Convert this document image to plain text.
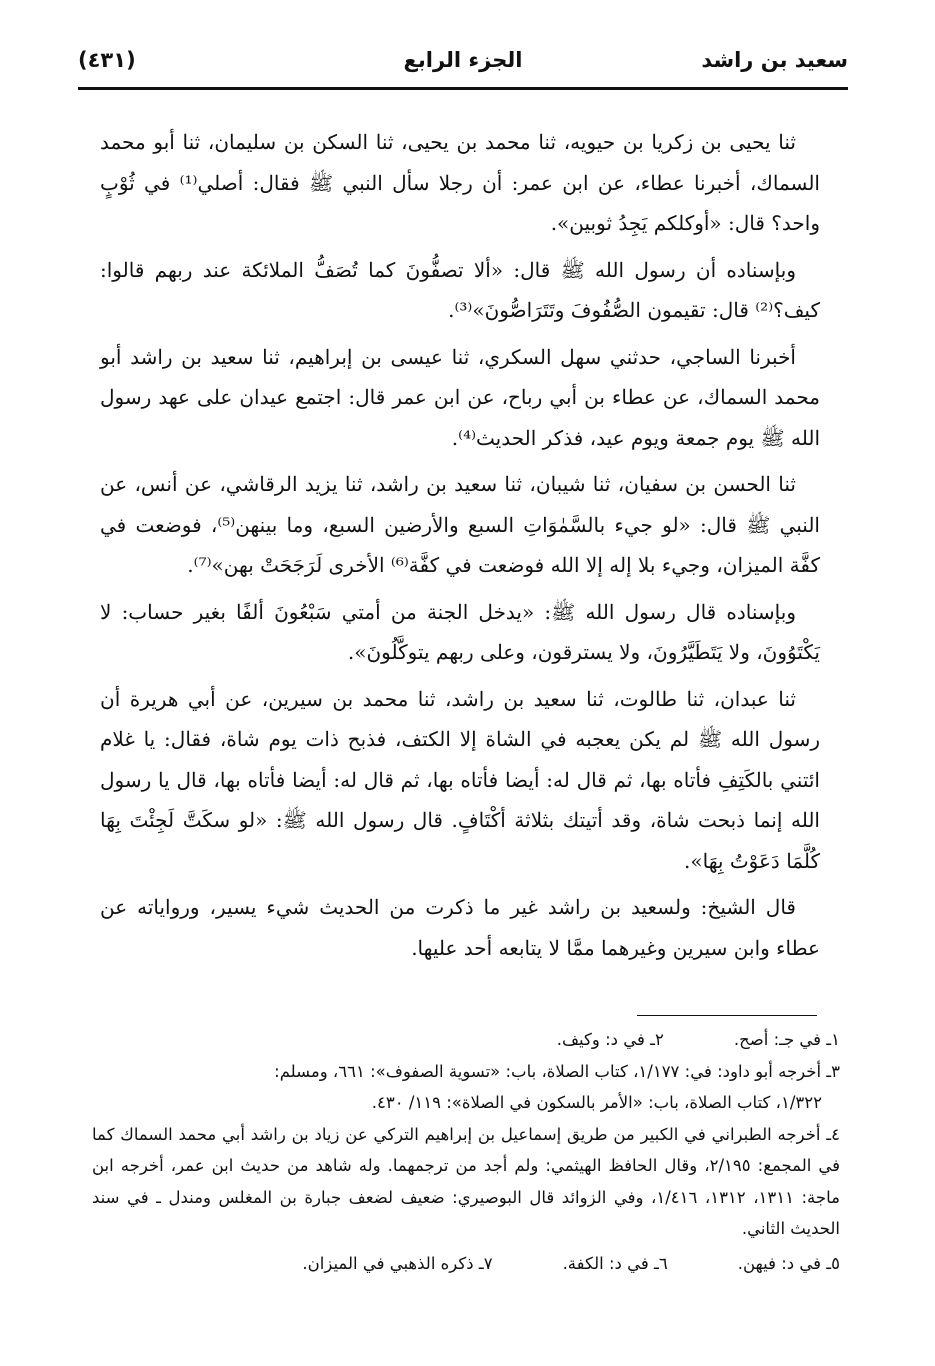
سعيد بن راشد
الجزء الرابع
(٤٣١)

ثنا يحيى بن زكريا بن حيويه، ثنا محمد بن يحيى، ثنا السكن بن سليمان، ثنا أبو محمد السماك، أخبرنا عطاء، عن ابن عمر: أن رجلا سأل النبي ﷺ فقال: أصلي⁽¹⁾ في ثُوْبٍ واحد؟ قال: «أوكلكم يَجِدُ ثوبين».

وبإسناده أن رسول الله ﷺ قال: «ألا تصفُّونَ كما تُصَفُّ الملائكة عند ربهم قالوا: كيف؟⁽²⁾ قال: تقيمون الصُّفُوفَ وتَتَرَاصُّونَ»⁽³⁾.

أخبرنا الساجي، حدثني سهل السكري، ثنا عيسى بن إبراهيم، ثنا سعيد بن راشد أبو محمد السماك، عن عطاء بن أبي رباح، عن ابن عمر قال: اجتمع عيدان على عهد رسول الله ﷺ يوم جمعة ويوم عيد، فذكر الحديث⁽⁴⁾.

ثنا الحسن بن سفيان، ثنا شيبان، ثنا سعيد بن راشد، ثنا يزيد الرقاشي، عن أنس، عن النبي ﷺ قال: «لو جيء بالسَّمٰوَاتِ السبع والأرضين السبع، وما بينهن⁽⁵⁾، فوضعت في كفَّة الميزان، وجيء بلا إله إلا الله فوضعت في كفَّة⁽⁶⁾ الأخرى لَرَجَحَتْ بهن»⁽⁷⁾.

وبإسناده قال رسول الله ﷺ: «يدخل الجنة من أمتي سَبْعُونَ ألفًا بغير حساب: لا يَكْتَوُونَ، ولا يَتَطَيَّرُونَ، ولا يسترقون، وعلى ربهم يتوكَّلُونَ».

ثنا عبدان، ثنا طالوت، ثنا سعيد بن راشد، ثنا محمد بن سيرين، عن أبي هريرة أن رسول الله ﷺ لم يكن يعجبه في الشاة إلا الكتف، فذبح ذات يوم شاة، فقال: يا غلام ائتني بالكَتِفِ فأتاه بها، ثم قال له: أيضا فأتاه بها، ثم قال له: أيضا فأتاه بها، قال يا رسول الله إنما ذبحت شاة، وقد أتيتك بثلاثة أكْتَافٍ. قال رسول الله ﷺ: «لو سكَتَّ لَجِئْتَ بِهَا كُلَّمَا دَعَوْتُ بِهَا».

قال الشيخ: ولسعيد بن راشد غير ما ذكرت من الحديث شيء يسير، ورواياته عن عطاء وابن سيرين وغيرهما ممَّا لا يتابعه أحد عليها.

١ـ في جـ: أصح.
٢ـ في د: وكيف.

٣ـ أخرجه أبو داود: في: ١/١٧٧، كتاب الصلاة، باب: «تسوية الصفوف»: ٦٦١، ومسلم:

١/٣٢٢، كتاب الصلاة، باب: «الأمر بالسكون في الصلاة»: ١١٩/ ٤٣٠.

٤ـ أخرجه الطبراني في الكبير من طريق إسماعيل بن إبراهيم التركي عن زياد بن راشد أبي محمد السماك كما في المجمع: ٢/١٩٥، وقال الحافظ الهيثمي: ولم أجد من ترجمهما. وله شاهد من حديث ابن عمر، أخرجه ابن ماجة: ١٣١١، ١٣١٢، ١/٤١٦، وفي الزوائد قال البوصيري: ضعيف لضعف جبارة بن المغلس ومندل ـ في سند الحديث الثاني.

٥ـ في د: فيهن.
٦ـ في د: الكفة.
٧ـ ذكره الذهبي في الميزان.
